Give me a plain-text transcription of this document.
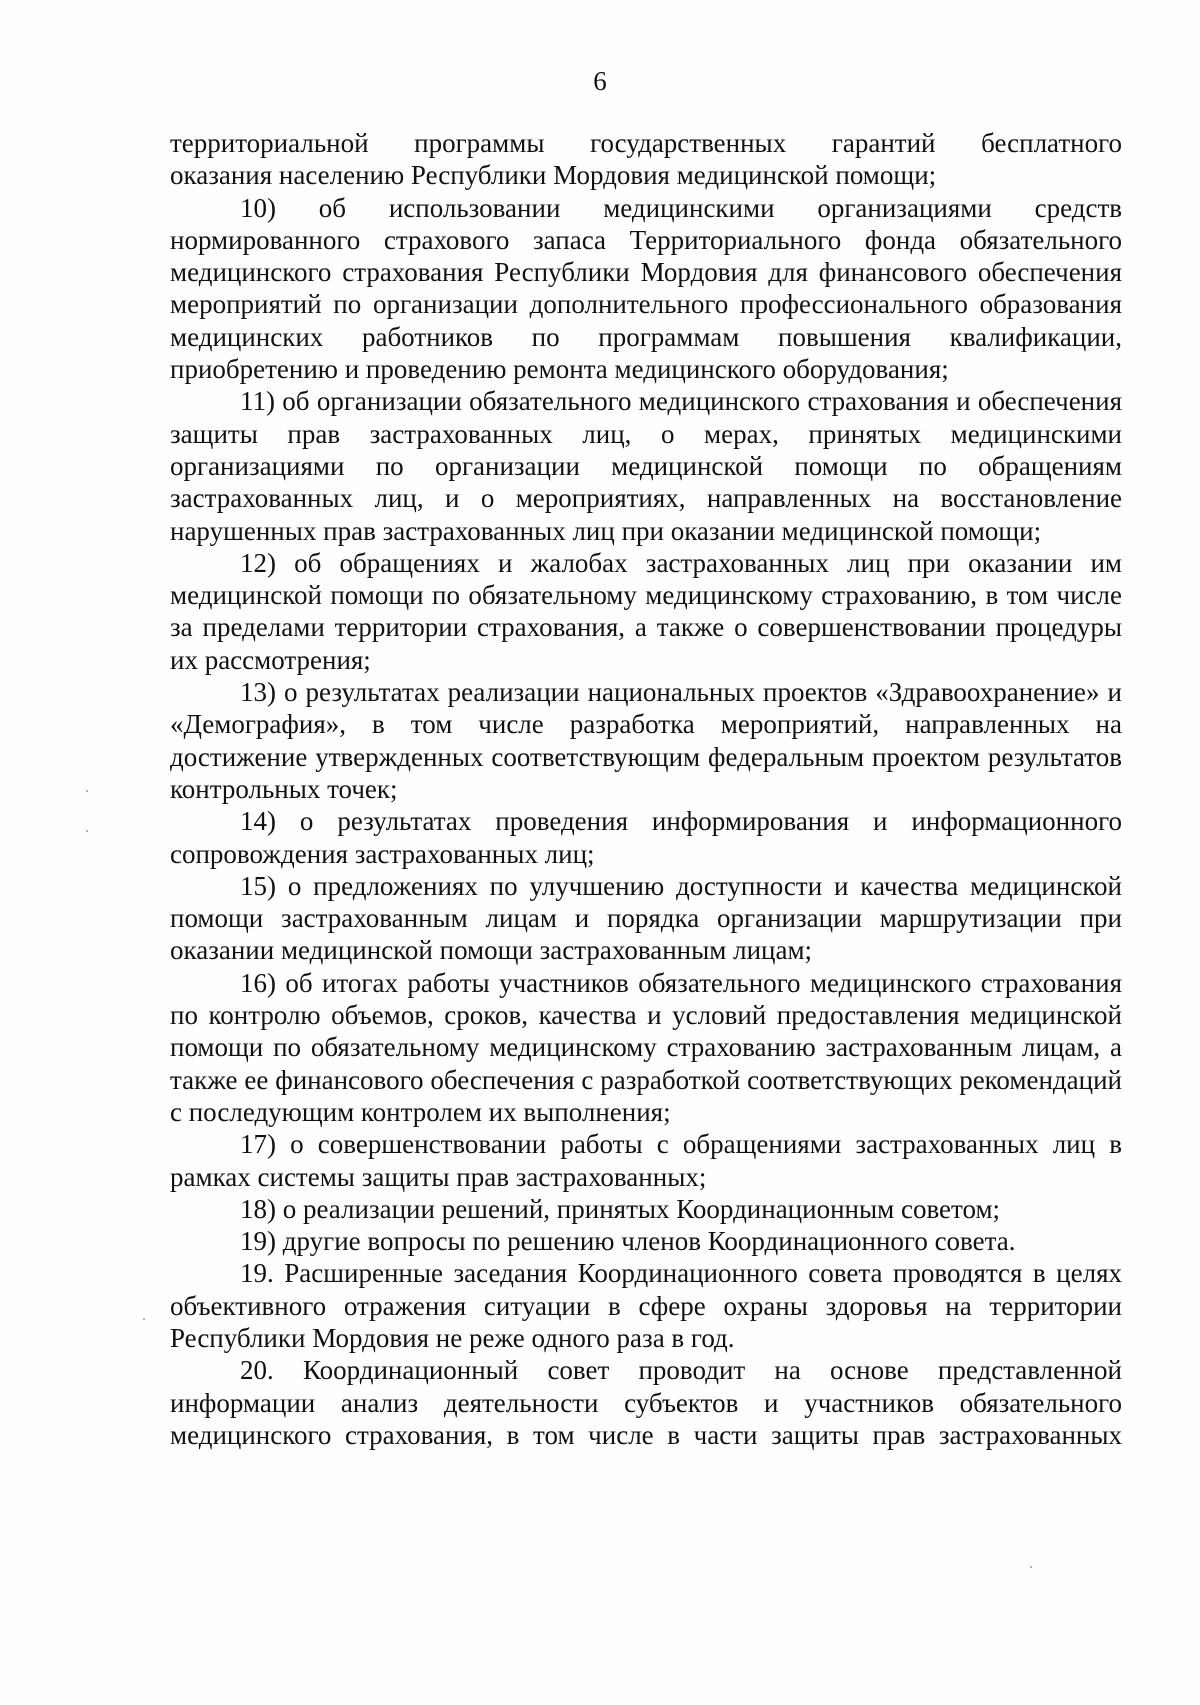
6

территориальной программы государственных гарантий бесплатного

оказания населению Республики Мордовия медицинской помощи;

10) об использовании медицинскими организациями средств нормированного страхового запаса Территориального фонда обязательного медицинского страхования Республики Мордовия для финансового обеспечения мероприятий по организации дополнительного профессионального образования медицинских работников по программам повышения квалификации, приобретению и проведению ремонта медицинского оборудования;

11) об организации обязательного медицинского страхования и обеспечения защиты прав застрахованных лиц, о мерах, принятых медицинскими организациями по организации медицинской помощи по обращениям застрахованных лиц, и о мероприятиях, направленных на восстановление нарушенных прав застрахованных лиц при оказании медицинской помощи;

12) об обращениях и жалобах застрахованных лиц при оказании им медицинской помощи по обязательному медицинскому страхованию, в том числе за пределами территории страхования, а также о совершенствовании процедуры их рассмотрения;

13) о результатах реализации национальных проектов «Здравоохранение» и «Демография», в том числе разработка мероприятий, направленных на достижение утвержденных соответствующим федеральным проектом результатов контрольных точек;

14) о результатах проведения информирования и информационного сопровождения застрахованных лиц;

15) о предложениях по улучшению доступности и качества медицинской помощи застрахованным лицам и порядка организации маршрутизации при оказании медицинской помощи застрахованным лицам;

16) об итогах работы участников обязательного медицинского страхования по контролю объемов, сроков, качества и условий предоставления медицинской помощи по обязательному медицинскому страхованию застрахованным лицам, а также ее финансового обеспечения с разработкой соответствующих рекомендаций с последующим контролем их выполнения;

17) о совершенствовании работы с обращениями застрахованных лиц в рамках системы защиты прав застрахованных;

18) о реализации решений, принятых Координационным советом;

19) другие вопросы по решению членов Координационного совета.

19. Расширенные заседания Координационного совета проводятся в целях объективного отражения ситуации в сфере охраны здоровья на территории Республики Мордовия не реже одного раза в год.

20. Координационный совет проводит на основе представленной информации анализ деятельности субъектов и участников обязательного медицинского страхования, в том числе в части защиты прав застрахованных
